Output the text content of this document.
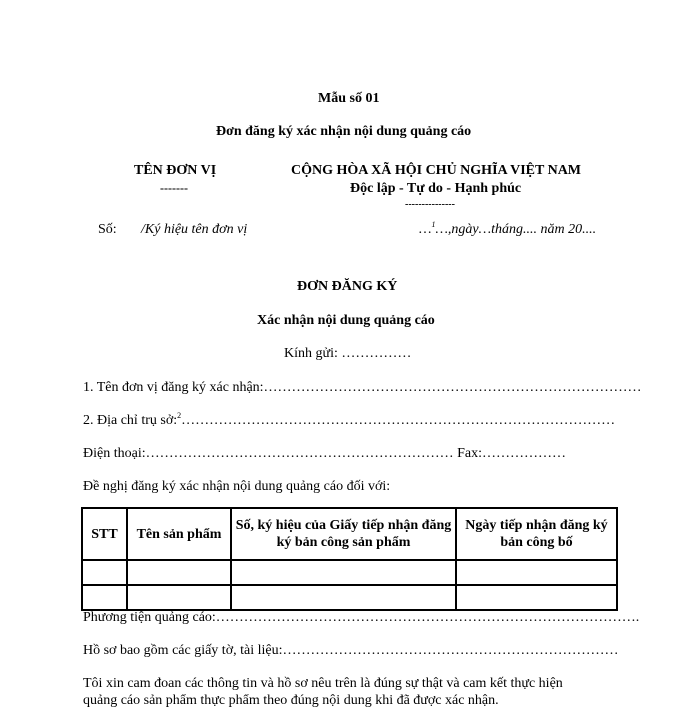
Mẫu số 01
Đơn đăng ký xác nhận nội dung quảng cáo
TÊN ĐƠN VỊ
-------
CỘNG HÒA XÃ HỘI CHỦ NGHĨA VIỆT NAM
Độc lập - Tự do - Hạnh phúc
---------------
Số: /Ký hiệu tên đơn vị	…$^1$…,ngày…tháng.... năm 20....
ĐƠN ĐĂNG KÝ
Xác nhận nội dung quảng cáo
Kính gửi: ……………
1. Tên đơn vị đăng ký xác nhận:………………………………………………………………………
2. Địa chỉ trụ sở:$^2$…………………………………………………………………………………
Điện thoại:………………………………………………………… Fax:………………
Đề nghị đăng ký xác nhận nội dung quảng cáo đối với:
STT	Tên sản phẩm	Số, ký hiệu của Giấy tiếp nhận đăng ký bản công sản phẩm	Ngày tiếp nhận đăng ký bản công bố

Phương tiện quảng cáo:……………………………………………………………………………….
Hồ sơ bao gồm các giấy tờ, tài liệu:………………………………………………………………
Tôi xin cam đoan các thông tin và hồ sơ nêu trên là đúng sự thật và cam kết thực hiện
quảng cáo sản phẩm thực phẩm theo đúng nội dung khi đã được xác nhận.
